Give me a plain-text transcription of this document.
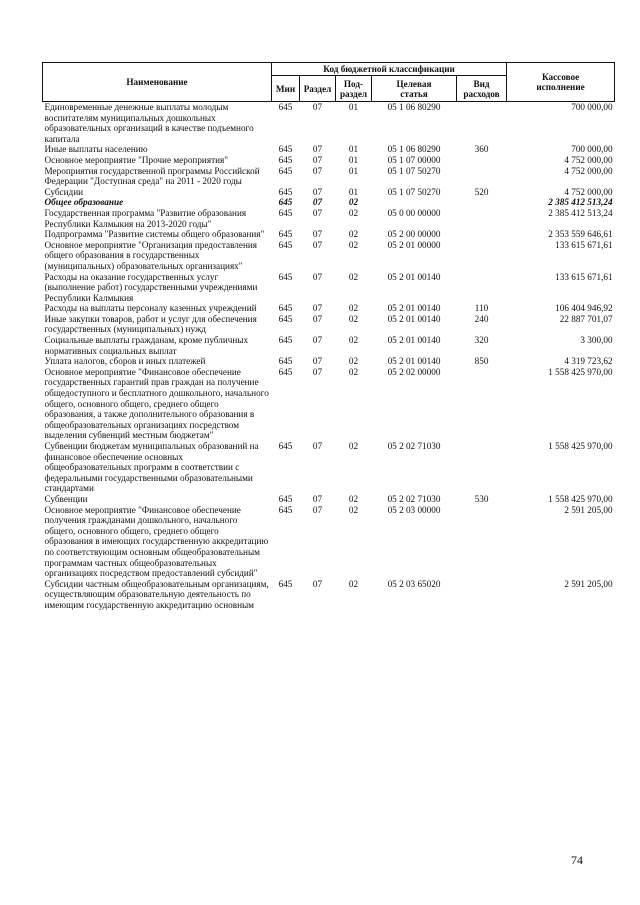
Наименование	Код бюджетной классификации					Кассовое
исполнение
	Мин	Раздел	Под-
раздел	Целевая
статья	Вид
расходов	
Единовременные денежные выплаты молодым воспитателям муниципальных дошкольных образовательных организаций в качестве подъемного капитала	645	07	01	05 1 06 80290		700 000,00
Иные выплаты населению	645	07	01	05 1 06 80290	360	700 000,00
Основное мероприятие "Прочие мероприятия"	645	07	01	05 1 07 00000		4 752 000,00
Мероприятия государственной программы Российской Федерации "Доступная среда" на 2011 - 2020 годы	645	07	01	05 1 07 50270		4 752 000,00
Субсидии	645	07	01	05 1 07 50270	520	4 752 000,00
Общее образование	645	07	02			2 385 412 513,24
Государственная программа "Развитие образования Республики Калмыкия на 2013-2020 годы"	645	07	02	05 0 00 00000		2 385 412 513,24
Подпрограмма "Развитие системы общего образования"	645	07	02	05 2 00 00000		2 353 559 646,61
Основное мероприятие "Организация предоставления общего образования в государственных (муниципальных) образовательных организациях"	645	07	02	05 2 01 00000		133 615 671,61
Расходы на оказание государственных услуг (выполнение работ) государственными учреждениями Республики Калмыкия	645	07	02	05 2 01 00140		133 615 671,61
Расходы на выплаты персоналу казенных учреждений	645	07	02	05 2 01 00140	110	106 404 946,92
Иные закупки товаров, работ и услуг для обеспечения государственных (муниципальных) нужд	645	07	02	05 2 01 00140	240	22 887 701,07
Социальные выплаты гражданам, кроме публичных нормативных социальных выплат	645	07	02	05 2 01 00140	320	3 300,00
Уплата налогов, сборов и иных платежей	645	07	02	05 2 01 00140	850	4 319 723,62
Основное мероприятие "Финансовое обеспечение государственных гарантий прав граждан на получение общедоступного и бесплатного дошкольного, начального общего, основного общего, среднего общего образования, а также дополнительного образования в общеобразовательных организациях посредством выделения субвенций местным бюджетам"	645	07	02	05 2 02 00000		1 558 425 970,00
Субвенции бюджетам муниципальных образований на финансовое обеспечение основных общеобразовательных программ в соответствии с федеральными государственными образовательными стандартами	645	07	02	05 2 02 71030		1 558 425 970,00
Субвенции	645	07	02	05 2 02 71030	530	1 558 425 970,00
Основное мероприятие "Финансовое обеспечение получения гражданами дошкольного, начального общего, основного общего, среднего общего образования в имеющих государственную аккредитацию по соответствующим основным общеобразовательным программам частных общеобразовательных организациях посредством предоставлений субсидий"	645	07	02	05 2 03 00000		2 591 205,00
Субсидии частным общеобразовательным организациям, осуществляющим образовательную деятельность по имеющим государственную аккредитацию основным	645	07	02	05 2 03 65020		2 591 205,00
74
